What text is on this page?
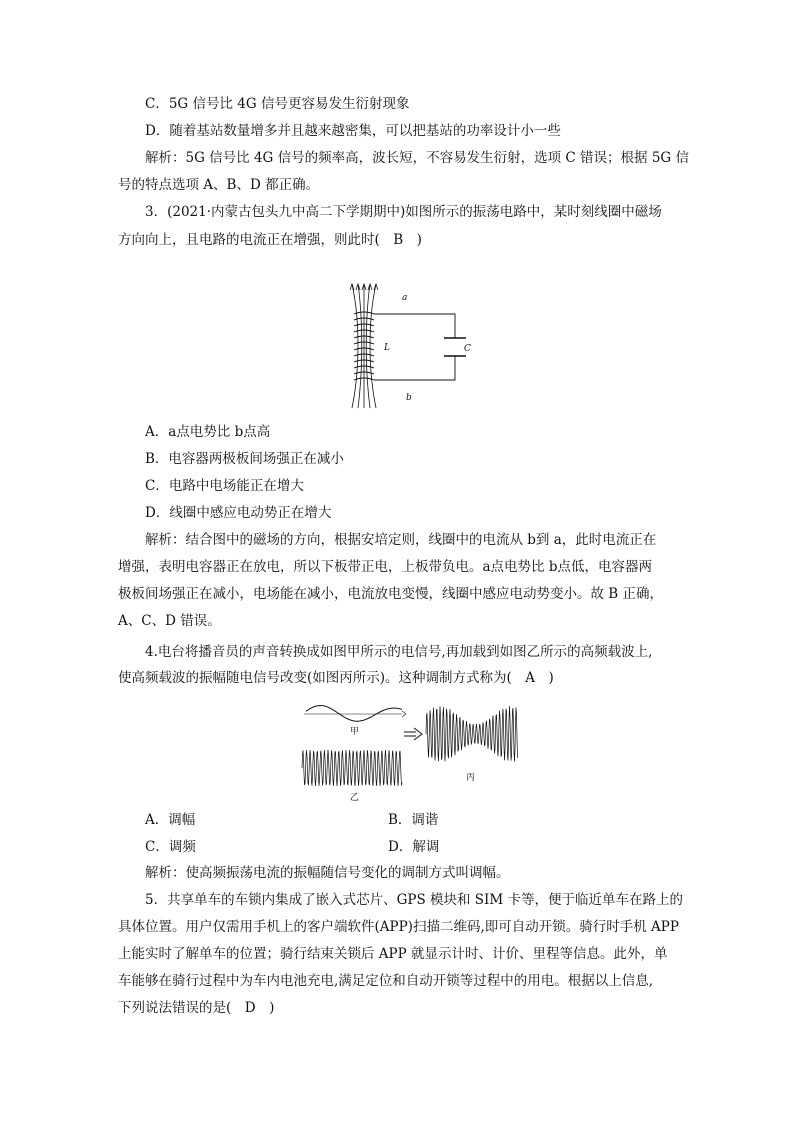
C．5G 信号比 4G 信号更容易发生衍射现象
D．随着基站数量增多并且越来越密集，可以把基站的功率设计小一些
解析：5G 信号比 4G 信号的频率高，波长短，不容易发生衍射，选项 C 错误；根据 5G 信
号的特点选项 A、B、D 都正确。
3．(2021·内蒙古包头九中高二下学期期中)如图所示的振荡电路中，某时刻线圈中磁场
方向向上，且电路的电流正在增强，则此时(　B　)
a
b
L	C
A．a点电势比 b点高
B．电容器两极板间场强正在减小
C．电路中电场能正在增大
D．线圈中感应电动势正在增大
解析：结合图中的磁场的方向，根据安培定则，线圈中的电流从 b到 a，此时电流正在
增强，表明电容器正在放电，所以下板带正电，上板带负电。a点电势比 b点低，电容器两
极板间场强正在减小，电场能在减小，电流放电变慢，线圈中感应电动势变小。故 B 正确，
A、C、D 错误。
4.电台将播音员的声音转换成如图甲所示的电信号,再加载到如图乙所示的高频载波上,
使高频载波的振幅随电信号改变(如图丙所示)。这种调制方式称为(　A　)
甲
乙
丙
A．调幅	B．调谐
C．调频	D．解调
解析：使高频振荡电流的振幅随信号变化的调制方式叫调幅。
5．共享单车的车锁内集成了嵌入式芯片、GPS 模块和 SIM 卡等，便于临近单车在路上的
具体位置。用户仅需用手机上的客户端软件(APP)扫描二维码,即可自动开锁。骑行时手机 APP
上能实时了解单车的位置；骑行结束关锁后 APP 就显示计时、计价、里程等信息。此外，单
车能够在骑行过程中为车内电池充电,满足定位和自动开锁等过程中的用电。根据以上信息,
下列说法错误的是(　D　)
